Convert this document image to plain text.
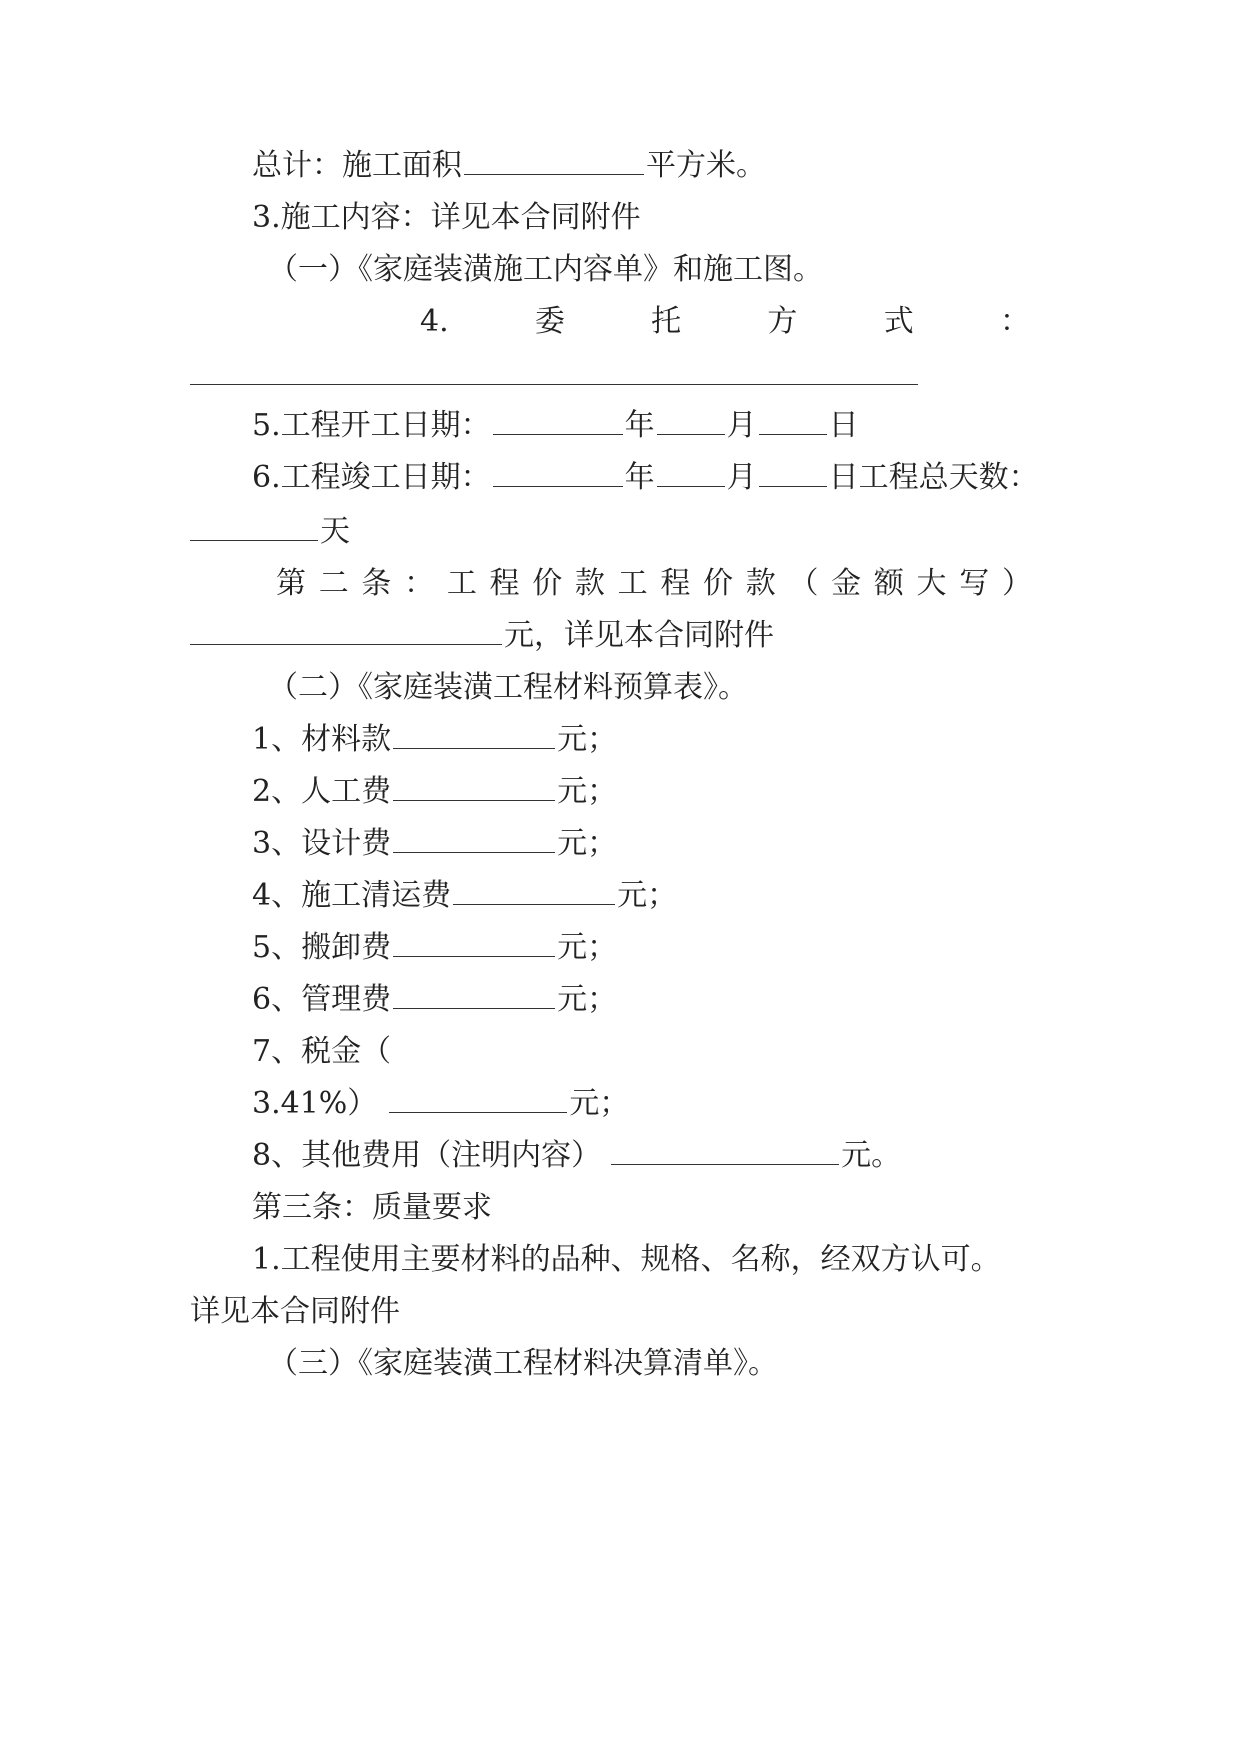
总计：施工面积	平方米。
3.施工内容：详见本合同附件
（一）《家庭装潢施工内容单》和施工图。
4.	委	托	方	式	：
5.工程开工日期：	年 月 日
6.工程竣工日期：	年 月 日工程总天数：
天
第 二 条 ： 工 程 价 款 工 程 价 款 （ 金 额 大 写 ）
元，详见本合同附件
（二）《家庭装潢工程材料预算表》。
1、材料款	元；
2、人工费	元；
3、设计费	元；
4、施工清运费	元；
5、搬卸费	元；
6、管理费	元；
7、税金（
3.41%）	元；
8、其他费用（注明内容）	元。
第三条：质量要求
1.工程使用主要材料的品种、规格、名称，经双方认可。
详见本合同附件
（三）《家庭装潢工程材料决算清单》。
